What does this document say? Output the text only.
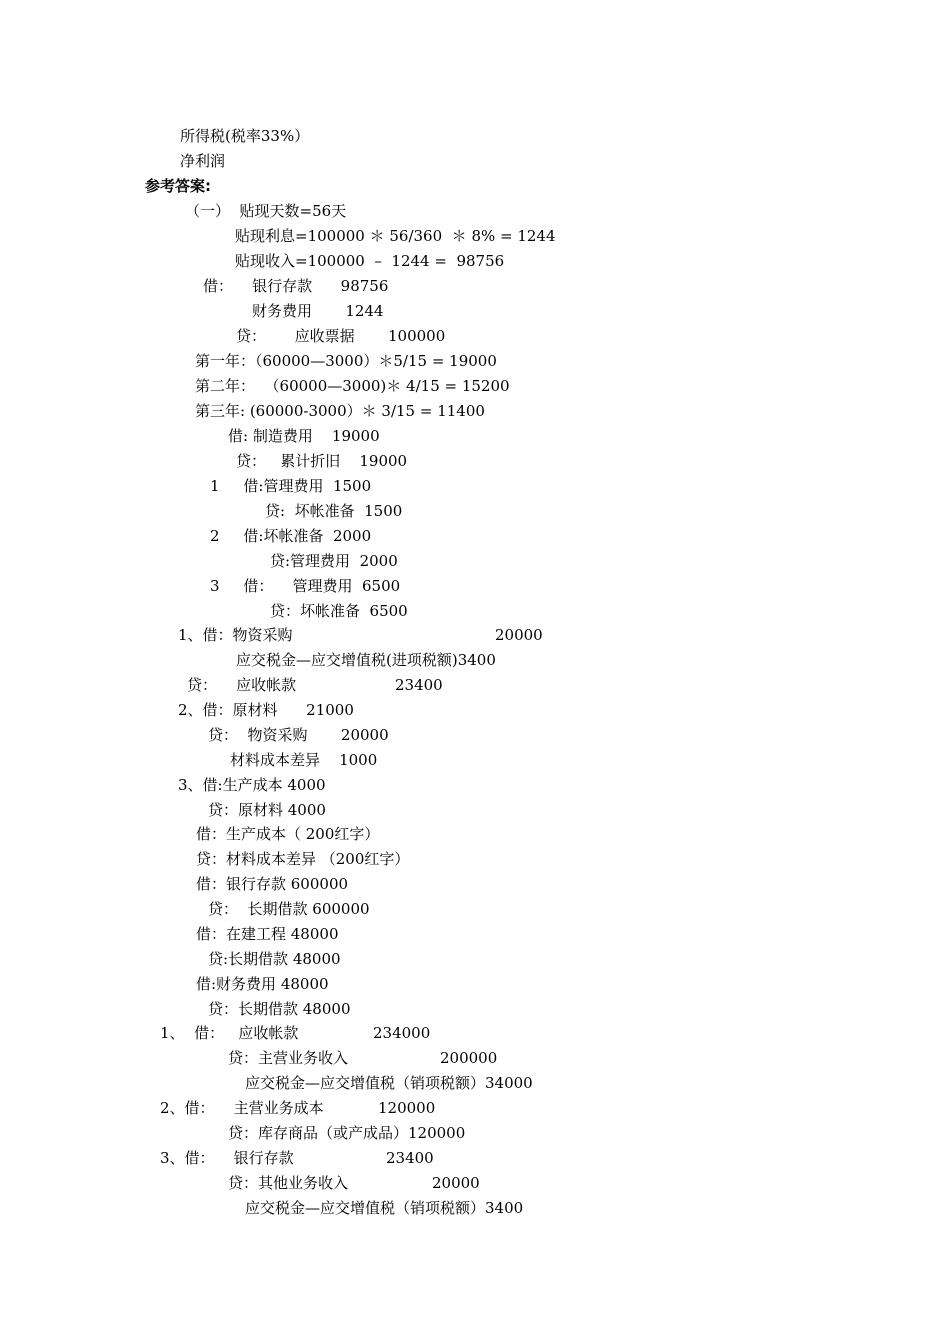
所得税(税率33%）
净利润
参考答案:
（一）  贴现天数=56天
贴现利息=100000 ＊ 56/360  ＊ 8% = 1244
贴现收入=100000  –  1244 =  98756
借：    银行存款      98756
财务费用       1244
贷：      应收票据       100000
第一年：（60000—3000）＊5/15 = 19000
第二年：  （60000—3000)＊ 4/15 = 15200
第三年: (60000-3000）＊ 3/15 = 11400
借: 制造费用    19000
贷：   累计折旧    19000
1     借:管理费用  1500
贷:  坏帐准备  1500
2     借:坏帐准备  2000
贷:管理费用  2000
3     借：    管理费用  6500
贷：坏帐准备  6500
1、借：物资采购	20000
应交税金—应交增值税(进项税额)3400
贷：    应收帐款	23400
2、借：原材料      21000
贷：  物资采购       20000
材料成本差异    1000
3、借:生产成本 4000
贷：原材料 4000
借：生产成本（ 200红字）
贷：材料成本差异 （200红字）
借：银行存款 600000
贷：  长期借款 600000
借：在建工程 48000
贷:长期借款 48000
借:财务费用 48000
贷：长期借款 48000
1、  借：   应收帐款	234000
贷：主营业务收入	200000
应交税金—应交增值税（销项税额）34000
2、借：    主营业务成本	120000
贷：库存商品（或产成品）120000
3、借：    银行存款	23400
贷：其他业务收入	20000
应交税金—应交增值税（销项税额）3400
